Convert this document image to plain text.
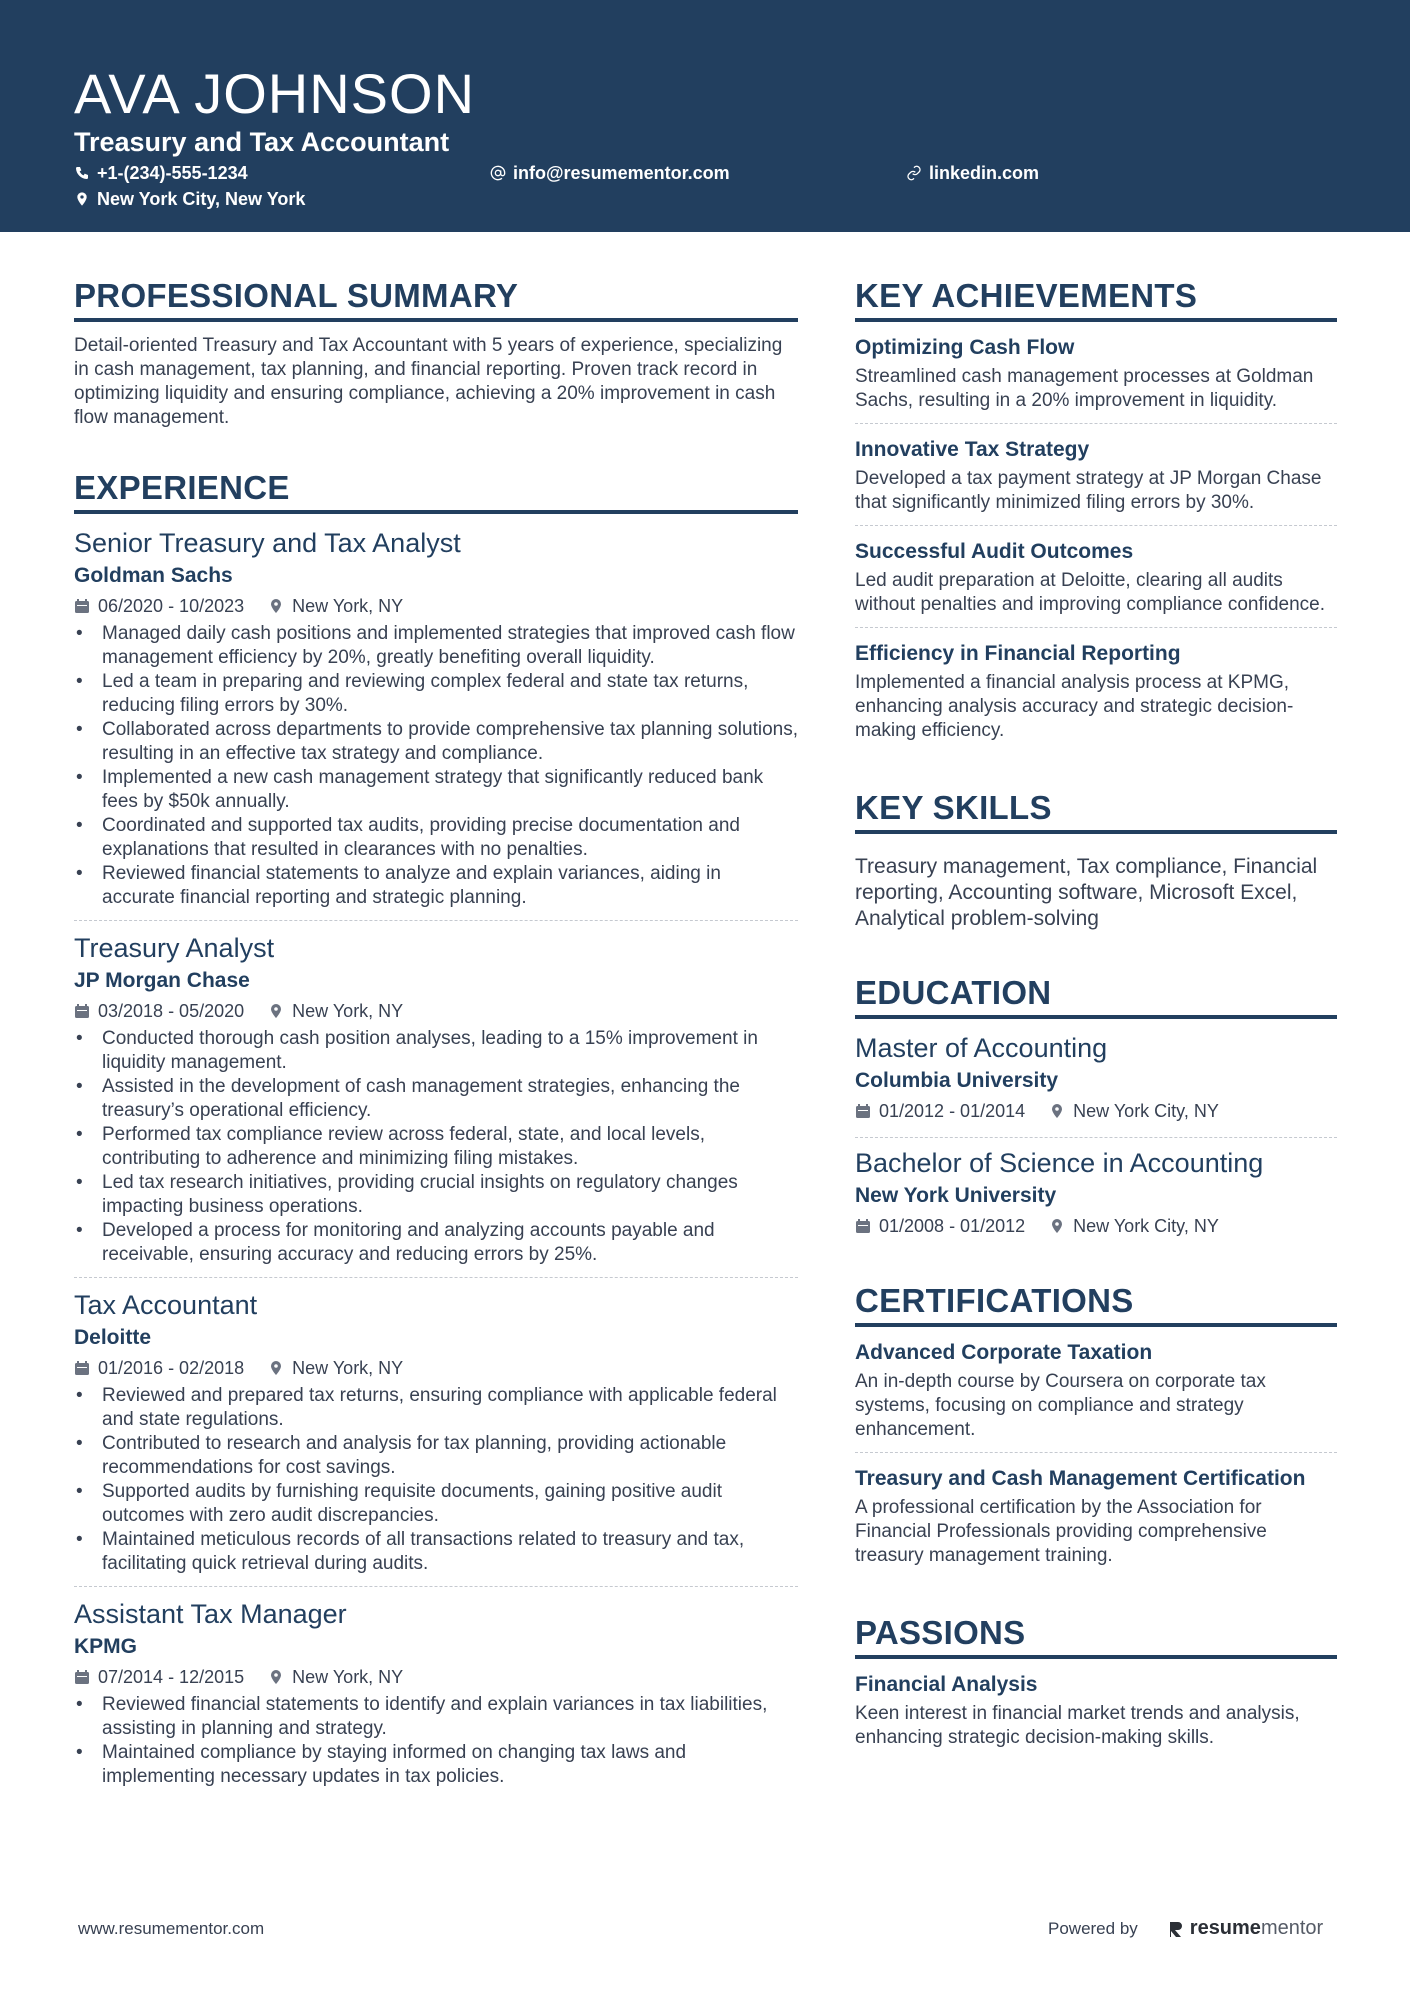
AVA JOHNSON
Treasury and Tax Accountant
+1-(234)-555-1234	info@resumementor.com	linkedin.com
New York City, New York
PROFESSIONAL SUMMARY
Detail-oriented Treasury and Tax Accountant with 5 years of experience, specializing in cash management, tax planning, and financial reporting. Proven track record in optimizing liquidity and ensuring compliance, achieving a 20% improvement in cash flow management.
EXPERIENCE
Senior Treasury and Tax Analyst
Goldman Sachs
06/2020 - 10/2023	New York, NY
• Managed daily cash positions and implemented strategies that improved cash flow management efficiency by 20%, greatly benefiting overall liquidity.
• Led a team in preparing and reviewing complex federal and state tax returns, reducing filing errors by 30%.
• Collaborated across departments to provide comprehensive tax planning solutions, resulting in an effective tax strategy and compliance.
• Implemented a new cash management strategy that significantly reduced bank fees by $50k annually.
• Coordinated and supported tax audits, providing precise documentation and explanations that resulted in clearances with no penalties.
• Reviewed financial statements to analyze and explain variances, aiding in accurate financial reporting and strategic planning.
Treasury Analyst
JP Morgan Chase
03/2018 - 05/2020	New York, NY
• Conducted thorough cash position analyses, leading to a 15% improvement in liquidity management.
• Assisted in the development of cash management strategies, enhancing the treasury’s operational efficiency.
• Performed tax compliance review across federal, state, and local levels, contributing to adherence and minimizing filing mistakes.
• Led tax research initiatives, providing crucial insights on regulatory changes impacting business operations.
• Developed a process for monitoring and analyzing accounts payable and receivable, ensuring accuracy and reducing errors by 25%.
Tax Accountant
Deloitte
01/2016 - 02/2018	New York, NY
• Reviewed and prepared tax returns, ensuring compliance with applicable federal and state regulations.
• Contributed to research and analysis for tax planning, providing actionable recommendations for cost savings.
• Supported audits by furnishing requisite documents, gaining positive audit outcomes with zero audit discrepancies.
• Maintained meticulous records of all transactions related to treasury and tax, facilitating quick retrieval during audits.
Assistant Tax Manager
KPMG
07/2014 - 12/2015	New York, NY
• Reviewed financial statements to identify and explain variances in tax liabilities, assisting in planning and strategy.
• Maintained compliance by staying informed on changing tax laws and implementing necessary updates in tax policies.
KEY ACHIEVEMENTS
Optimizing Cash Flow
Streamlined cash management processes at Goldman Sachs, resulting in a 20% improvement in liquidity.
Innovative Tax Strategy
Developed a tax payment strategy at JP Morgan Chase that significantly minimized filing errors by 30%.
Successful Audit Outcomes
Led audit preparation at Deloitte, clearing all audits without penalties and improving compliance confidence.
Efficiency in Financial Reporting
Implemented a financial analysis process at KPMG, enhancing analysis accuracy and strategic decision-making efficiency.
KEY SKILLS
Treasury management, Tax compliance, Financial reporting, Accounting software, Microsoft Excel, Analytical problem-solving
EDUCATION
Master of Accounting
Columbia University
01/2012 - 01/2014	New York City, NY
Bachelor of Science in Accounting
New York University
01/2008 - 01/2012	New York City, NY
CERTIFICATIONS
Advanced Corporate Taxation
An in-depth course by Coursera on corporate tax systems, focusing on compliance and strategy enhancement.
Treasury and Cash Management Certification
A professional certification by the Association for Financial Professionals providing comprehensive treasury management training.
PASSIONS
Financial Analysis
Keen interest in financial market trends and analysis, enhancing strategic decision-making skills.
www.resumementor.com	Powered by	resume mentor
